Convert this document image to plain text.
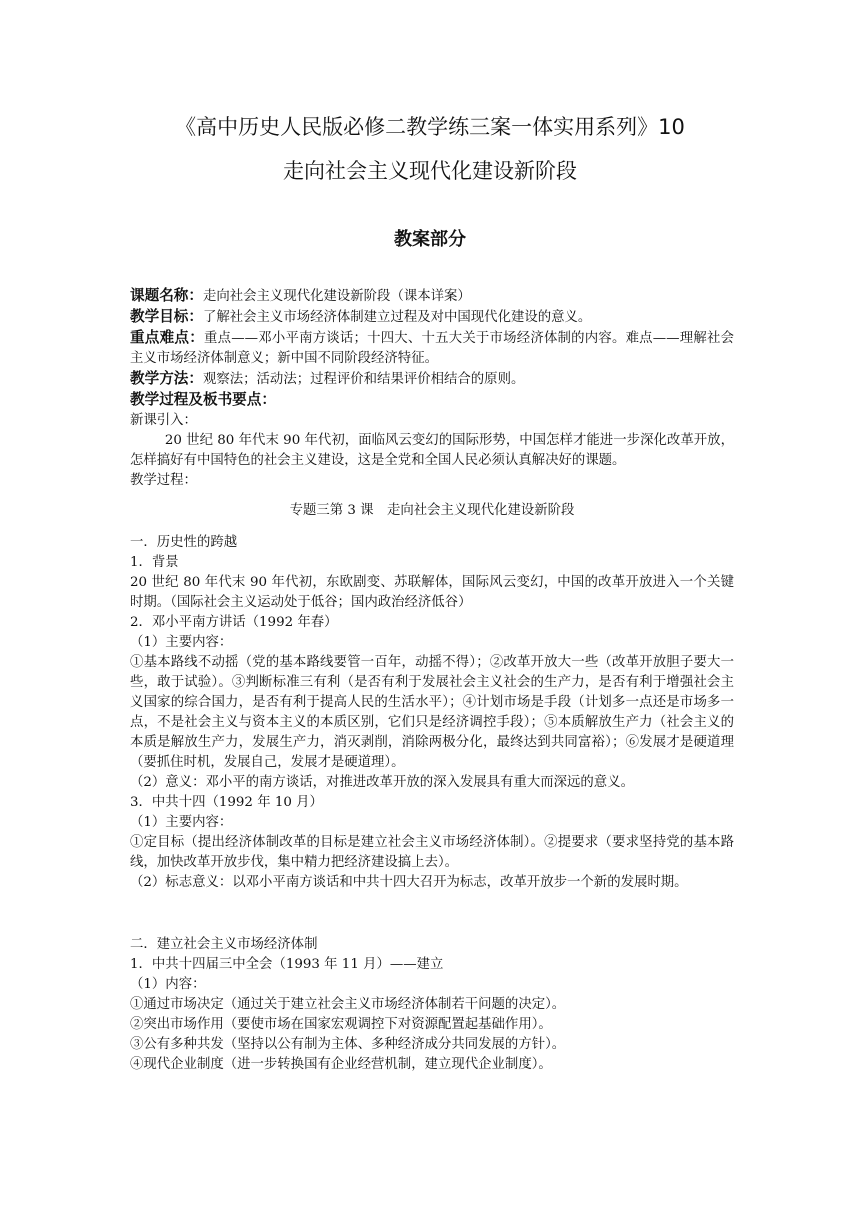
《高中历史人民版必修二教学练三案一体实用系列》10
走向社会主义现代化建设新阶段
教案部分

课题名称：走向社会主义现代化建设新阶段（课本详案）

教学目标：了解社会主义市场经济体制建立过程及对中国现代化建设的意义。

重点难点：重点——邓小平南方谈话；十四大、十五大关于市场经济体制的内容。难点——理解社会主义市场经济体制意义；新中国不同阶段经济特征。

教学方法：观察法；活动法；过程评价和结果评价相结合的原则。

教学过程及板书要点：

新课引入：

20 世纪 80 年代末 90 年代初，面临风云变幻的国际形势，中国怎样才能进一步深化改革开放，怎样搞好有中国特色的社会主义建设，这是全党和全国人民必须认真解决好的课题。

教学过程：

专题三第 3 课　走向社会主义现代化建设新阶段

一．历史性的跨越

1．背景

20 世纪 80 年代末 90 年代初，东欧剧变、苏联解体，国际风云变幻，中国的改革开放进入一个关键时期。（国际社会主义运动处于低谷；国内政治经济低谷）

2．邓小平南方讲话（1992 年春）

（1）主要内容：

①基本路线不动摇（党的基本路线要管一百年，动摇不得）；②改革开放大一些（改革开放胆子要大一些，敢于试验）。③判断标准三有利（是否有利于发展社会主义社会的生产力，是否有利于增强社会主义国家的综合国力，是否有利于提高人民的生活水平）；④计划市场是手段（计划多一点还是市场多一点，不是社会主义与资本主义的本质区别，它们只是经济调控手段）；⑤本质解放生产力（社会主义的本质是解放生产力，发展生产力，消灭剥削，消除两极分化，最终达到共同富裕）；⑥发展才是硬道理（要抓住时机，发展自己，发展才是硬道理）。

（2）意义：邓小平的南方谈话，对推进改革开放的深入发展具有重大而深远的意义。

3．中共十四（1992 年 10 月）

（1）主要内容：

①定目标（提出经济体制改革的目标是建立社会主义市场经济体制）。②提要求（要求坚持党的基本路线，加快改革开放步伐，集中精力把经济建设搞上去）。

（2）标志意义：以邓小平南方谈话和中共十四大召开为标志，改革开放步一个新的发展时期。

二．建立社会主义市场经济体制

1．中共十四届三中全会（1993 年 11 月）——建立

（1）内容：

①通过市场决定（通过关于建立社会主义市场经济体制若干问题的决定）。

②突出市场作用（要使市场在国家宏观调控下对资源配置起基础作用）。

③公有多种共发（坚持以公有制为主体、多种经济成分共同发展的方针）。

④现代企业制度（进一步转换国有企业经营机制，建立现代企业制度）。
